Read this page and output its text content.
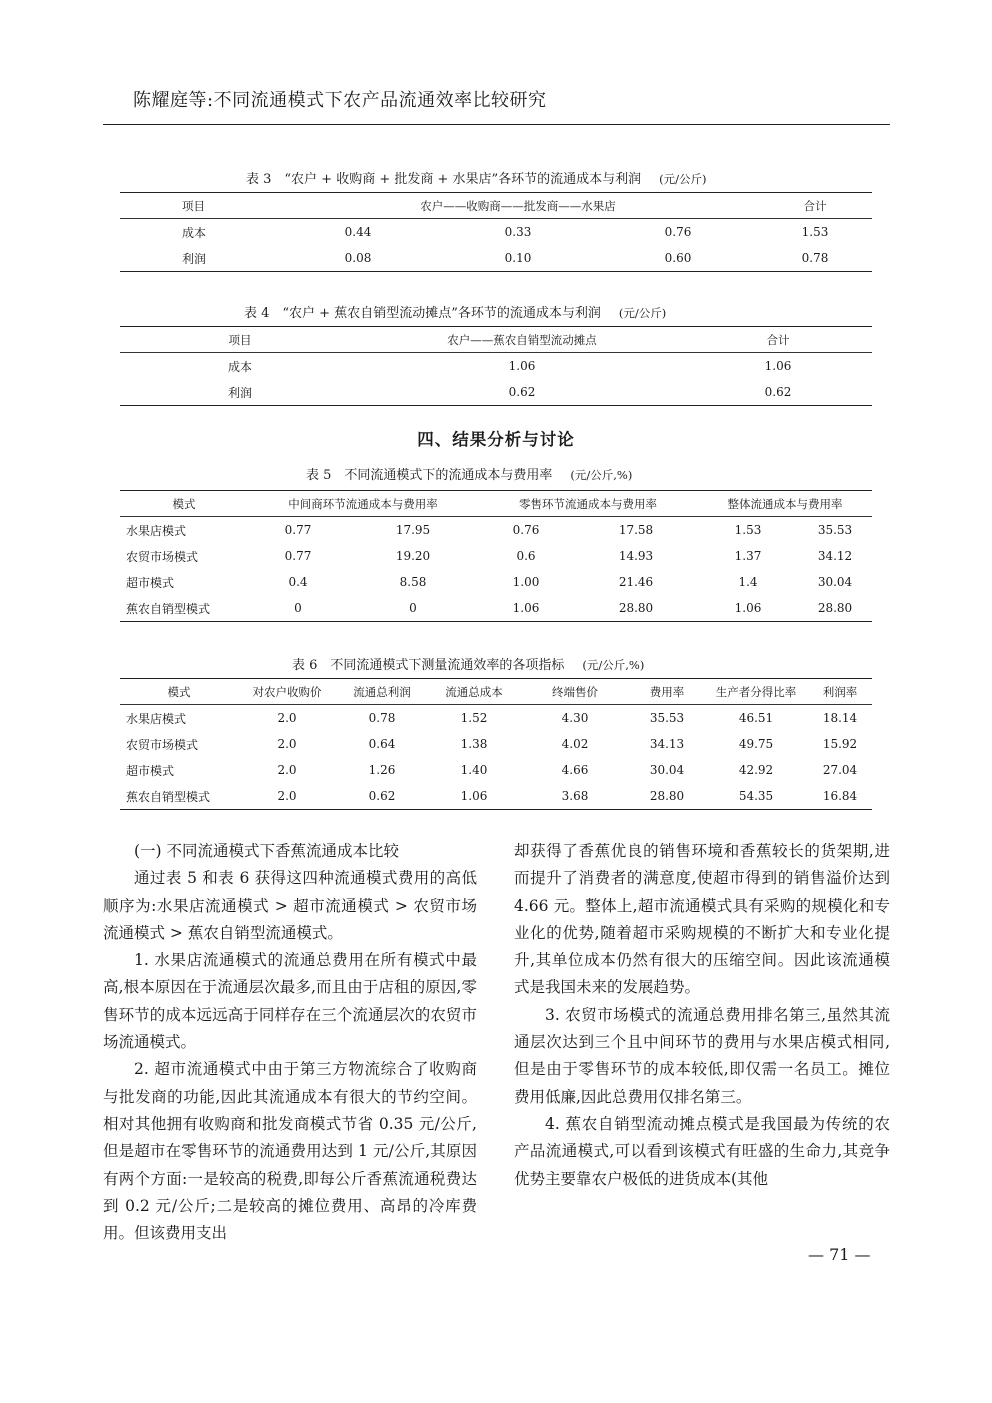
陈耀庭等:不同流通模式下农产品流通效率比较研究
表 3　“农户 + 收购商 + 批发商 + 水果店”各环节的流通成本与利润 (元/公斤)
项目	农户——收购商——批发商——水果店			合计
成本	0.44	0.33	0.76	1.53
利润	0.08	0.10	0.60	0.78
表 4　“农户 + 蕉农自销型流动摊点”各环节的流通成本与利润 (元/公斤)
项目	农户——蕉农自销型流动摊点	合计
成本	1.06	1.06
利润	0.62	0.62
四、结果分析与讨论
表 5　不同流通模式下的流通成本与费用率 (元/公斤,%)
模式	中间商环节流通成本与费用率		零售环节流通成本与费用率		整体流通成本与费用率	
水果店模式	0.77	17.95	0.76	17.58	1.53	35.53
农贸市场模式	0.77	19.20	0.6	14.93	1.37	34.12
超市模式	0.4	8.58	1.00	21.46	1.4	30.04
蕉农自销型模式	0	0	1.06	28.80	1.06	28.80
表 6　不同流通模式下测量流通效率的各项指标 (元/公斤,%)
模式	对农户收购价	流通总利润	流通总成本	终端售价	费用率	生产者分得比率	利润率
水果店模式	2.0	0.78	1.52	4.30	35.53	46.51	18.14
农贸市场模式	2.0	0.64	1.38	4.02	34.13	49.75	15.92
超市模式	2.0	1.26	1.40	4.66	30.04	42.92	27.04
蕉农自销型模式	2.0	0.62	1.06	3.68	28.80	54.35	16.84

(一) 不同流通模式下香蕉流通成本比较

通过表 5 和表 6 获得这四种流通模式费用的高低顺序为:水果店流通模式 > 超市流通模式 > 农贸市场流通模式 > 蕉农自销型流通模式。

1. 水果店流通模式的流通总费用在所有模式中最高,根本原因在于流通层次最多,而且由于店租的原因,零售环节的成本远远高于同样存在三个流通层次的农贸市场流通模式。

2. 超市流通模式中由于第三方物流综合了收购商与批发商的功能,因此其流通成本有很大的节约空间。相对其他拥有收购商和批发商模式节省 0.35 元/公斤,但是超市在零售环节的流通费用达到 1 元/公斤,其原因有两个方面:一是较高的税费,即每公斤香蕉流通税费达到 0.2 元/公斤;二是较高的摊位费用、高昂的冷库费用。但该费用支出

却获得了香蕉优良的销售环境和香蕉较长的货架期,进而提升了消费者的满意度,使超市得到的销售溢价达到 4.66 元。整体上,超市流通模式具有采购的规模化和专业化的优势,随着超市采购规模的不断扩大和专业化提升,其单位成本仍然有很大的压缩空间。因此该流通模式是我国未来的发展趋势。

3. 农贸市场模式的流通总费用排名第三,虽然其流通层次达到三个且中间环节的费用与水果店模式相同,但是由于零售环节的成本较低,即仅需一名员工。摊位费用低廉,因此总费用仅排名第三。

4. 蕉农自销型流动摊点模式是我国最为传统的农产品流通模式,可以看到该模式有旺盛的生命力,其竞争优势主要靠农户极低的进货成本(其他

— 71 —
